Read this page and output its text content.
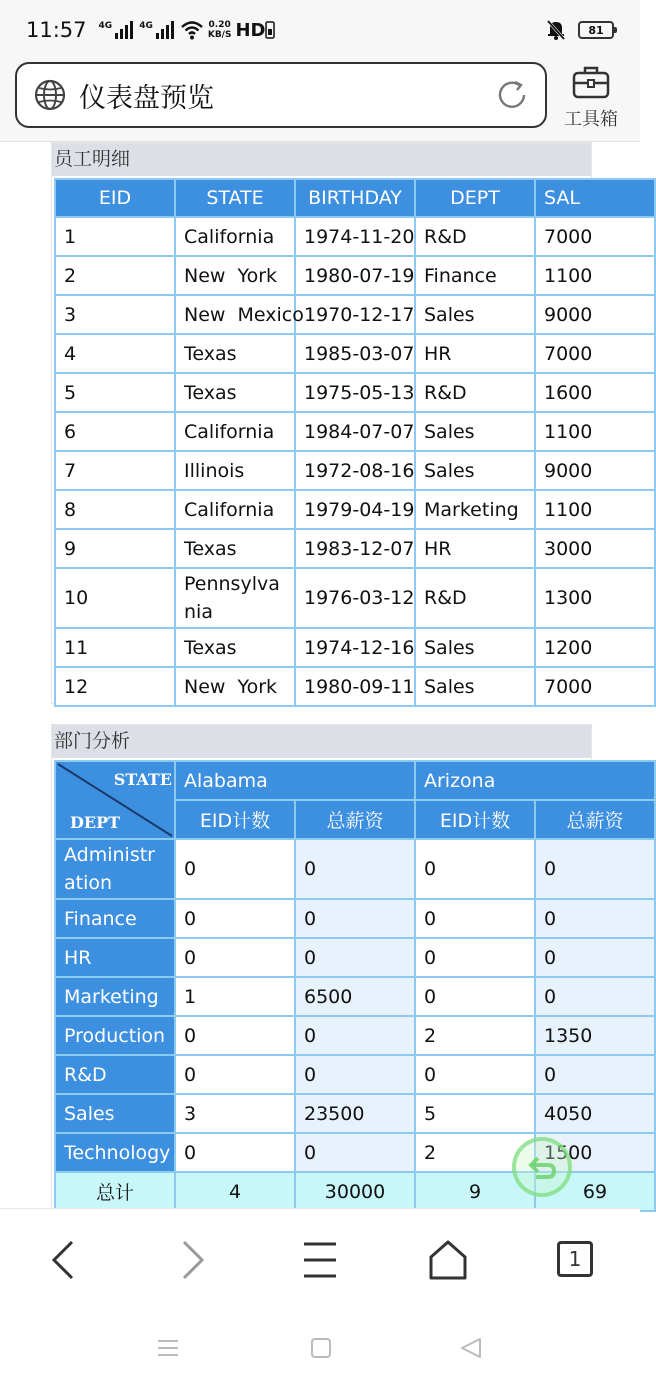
11:57 4G	4G	0.20
KB/S HD	81
仪表盘预览
工具箱
员工明细
EID	STATE	BIRTHDAY	DEPT	SAL
1	California	1974-11-20	R&D	7000
2	New York	1980-07-19	Finance	1100
3	New Mexico	1970-12-17	Sales	9000
4	Texas	1985-03-07	HR	7000
5	Texas	1975-05-13	R&D	1600
6	California	1984-07-07	Sales	1100
7	Illinois	1972-08-16	Sales	9000
8	California	1979-04-19	Marketing	1100
9	Texas	1983-12-07	HR	3000
10	Pennsylvania	1976-03-12	R&D	1300
11	Texas	1974-12-16	Sales	1200
12	New York	1980-09-11	Sales	7000
部门分析
STATE
DEPT	Alabama		Arizona	
	EID计数	总薪资	EID计数	总薪资
Administration	0	0	0	0
Finance	0	0	0	0
HR	0	0	0	0
Marketing	1	6500	0	0
Production	0	0	2	1350
R&D	0	0	0	0
Sales	3	23500	5	4050
Technology	0	0	2	1500
总计	4	30000	9	69
1
